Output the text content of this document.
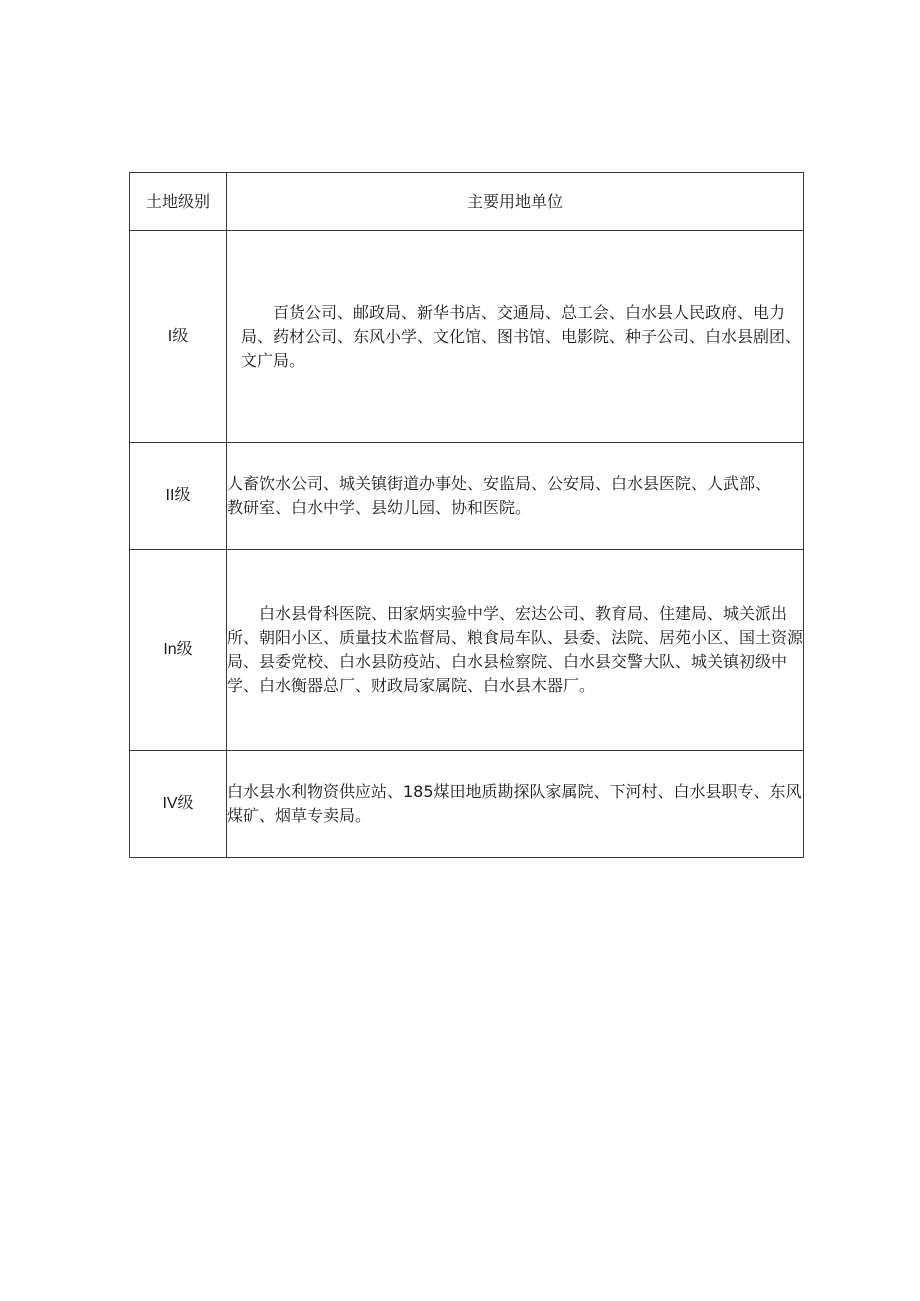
土地级别	主要用地单位
I级	百货公司、邮政局、新华书店、交通局、总工会、白水县人民政府、电力局、药材公司、东风小学、文化馆、图书馆、电影院、种子公司、白水县剧团、文广局。

II级	人畜饮水公司、城关镇街道办事处、安监局、公安局、白水县医院、人武部、教研室、白水中学、县幼儿园、协和医院。

In级	白水县骨科医院、田家炳实验中学、宏达公司、教育局、住建局、城关派出所、朝阳小区、质量技术监督局、粮食局车队、县委、法院、居苑小区、国土资源局、县委党校、白水县防疫站、白水县检察院、白水县交警大队、城关镇初级中学、白水衡器总厂、财政局家属院、白水县木器厂。

IV级	白水县水利物资供应站、185煤田地质勘探队家属院、下河村、白水县职专、东风煤矿、烟草专卖局。
